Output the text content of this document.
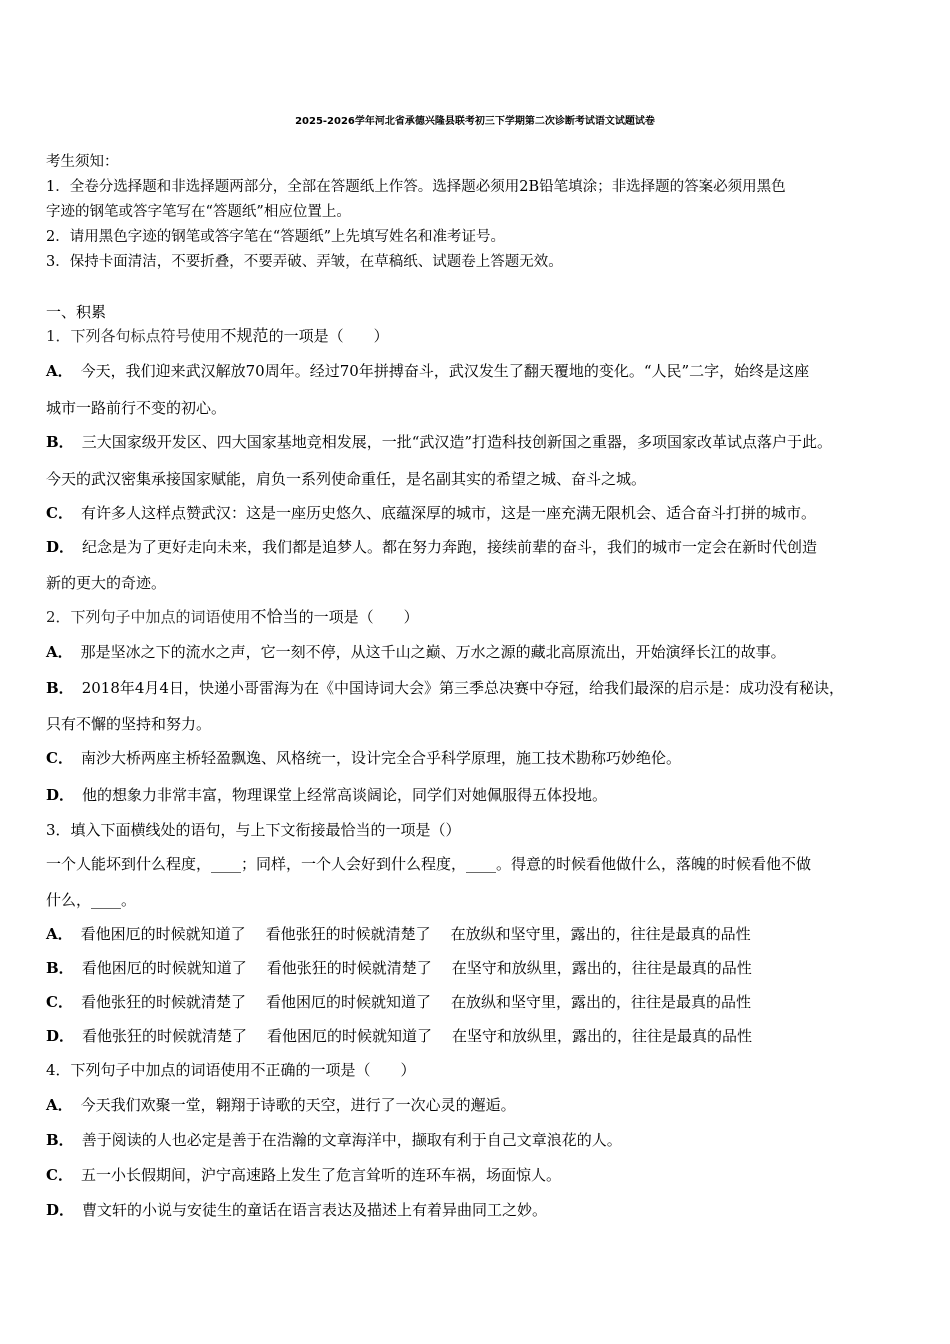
2025-2026学年河北省承德兴隆县联考初三下学期第二次诊断考试语文试题试卷
考生须知：
1．全卷分选择题和非选择题两部分，全部在答题纸上作答。选择题必须用2B铅笔填涂；非选择题的答案必须用黑色
字迹的钢笔或答字笔写在“答题纸”相应位置上。
2．请用黑色字迹的钢笔或答字笔在“答题纸”上先填写姓名和准考证号。
3．保持卡面清洁，不要折叠，不要弄破、弄皱，在草稿纸、试题卷上答题无效。
一、积累
1．下列各句标点符号使用不规范的一项是（　　）
A． 今天，我们迎来武汉解放70周年。经过70年拼搏奋斗，武汉发生了翻天覆地的变化。“人民”二字，始终是这座
城市一路前行不变的初心。
B． 三大国家级开发区、四大国家基地竞相发展，一批“武汉造”打造科技创新国之重器，多项国家改革试点落户于此。
今天的武汉密集承接国家赋能，肩负一系列使命重任，是名副其实的希望之城、奋斗之城。
C． 有许多人这样点赞武汉：这是一座历史悠久、底蕴深厚的城市，这是一座充满无限机会、适合奋斗打拼的城市。
D． 纪念是为了更好走向未来，我们都是追梦人。都在努力奔跑，接续前辈的奋斗，我们的城市一定会在新时代创造
新的更大的奇迹。
2．下列句子中加点的词语使用不恰当的一项是（　　）
A． 那是坚冰之下的流水之声，它一刻不停，从这千山之巅、万水之源的藏北高原流出，开始演绎长江的故事。
B． 2018年4月4日，快递小哥雷海为在《中国诗词大会》第三季总决赛中夺冠，给我们最深的启示是：成功没有秘诀，
只有不懈的坚持和努力。
C． 南沙大桥两座主桥轻盈飘逸、风格统一，设计完全合乎科学原理，施工技术勘称巧妙绝伦。
D． 他的想象力非常丰富，物理课堂上经常高谈阔论，同学们对她佩服得五体投地。
3．填入下面横线处的语句，与上下文衔接最恰当的一项是（）
一个人能坏到什么程度，____；同样，一个人会好到什么程度，____。得意的时候看他做什么，落魄的时候看他不做
什么，____。
A． 看他困厄的时候就知道了 看他张狂的时候就清楚了 在放纵和坚守里，露出的，往往是最真的品性
B． 看他困厄的时候就知道了 看他张狂的时候就清楚了 在坚守和放纵里，露出的，往往是最真的品性
C． 看他张狂的时候就清楚了 看他困厄的时候就知道了 在放纵和坚守里，露出的，往往是最真的品性
D． 看他张狂的时候就清楚了 看他困厄的时候就知道了 在坚守和放纵里，露出的，往往是最真的品性
4．下列句子中加点的词语使用不正确的一项是（　　）
A． 今天我们欢聚一堂，翱翔于诗歌的天空，进行了一次心灵的邂逅。
B． 善于阅读的人也必定是善于在浩瀚的文章海洋中，撷取有利于自己文章浪花的人。
C． 五一小长假期间，沪宁高速路上发生了危言耸听的连环车祸，场面惊人。
D． 曹文轩的小说与安徒生的童话在语言表达及描述上有着异曲同工之妙。
